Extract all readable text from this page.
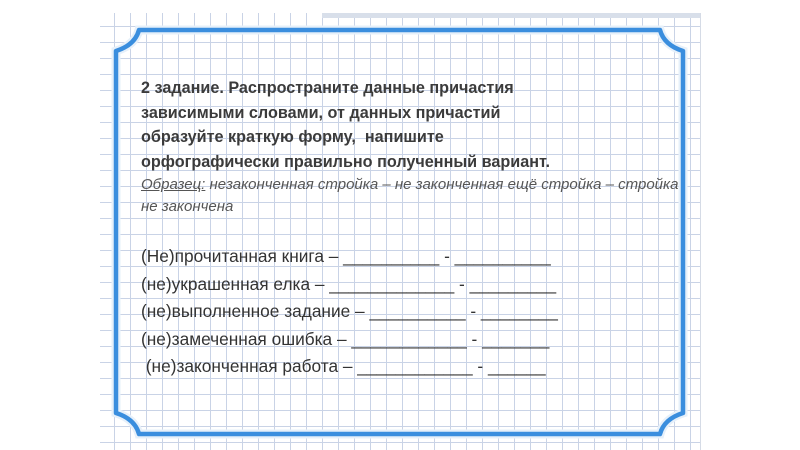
2 задание. Распространите данные причастия
зависимыми словами, от данных причастий
образуйте краткую форму,  напишите
орфографически правильно полученный вариант.

Образец: незаконченная стройка – не законченная ещё стройка – стройка не закончена

(Не)прочитанная книга – __________ - __________
(не)украшенная елка – _____________ - _________
(не)выполненное задание – __________ - ________
(не)замеченная ошибка – ____________ - _______
(не)законченная работа – ____________ - ______
